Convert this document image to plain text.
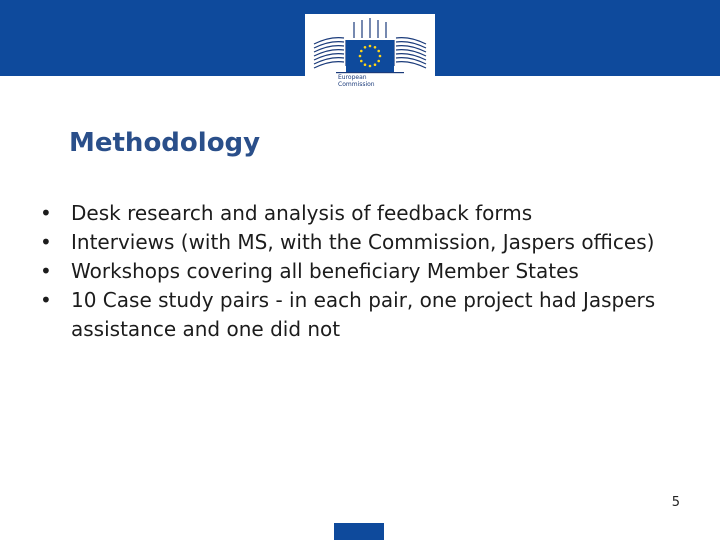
European
Commission
Methodology
• Desk research and analysis of feedback forms
• Interviews (with MS, with the Commission, Jaspers offices)
• Workshops covering all beneficiary Member States
• 10 Case study pairs - in each pair, one project had Jaspers assistance and one did not
5
